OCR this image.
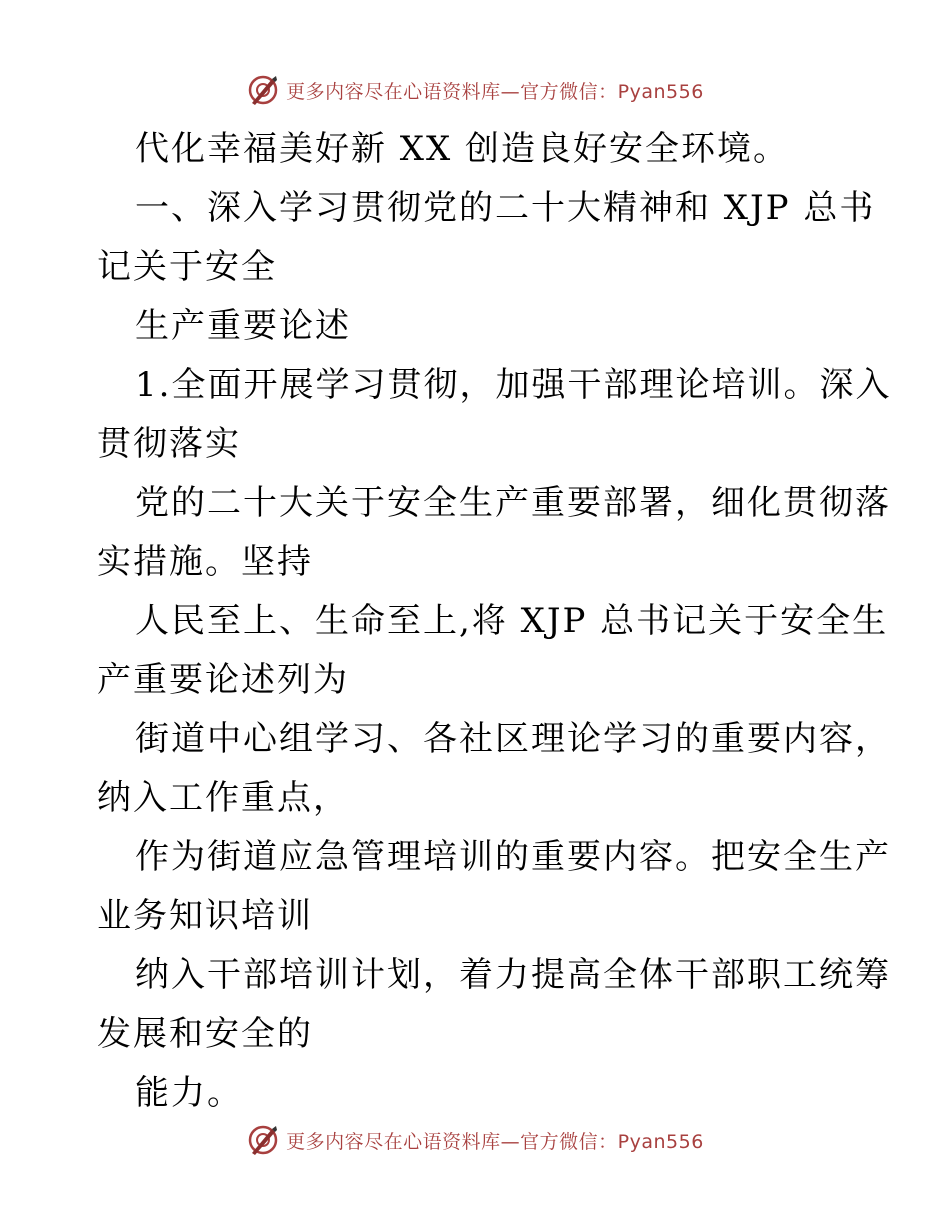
更多内容尽在心语资料库—官方微信：Pyan556
代化幸福美好新 XX 创造良好安全环境。
一、深入学习贯彻党的二十大精神和 XJP 总书
记关于安全
生产重要论述
1.全面开展学习贯彻，加强干部理论培训。深入
贯彻落实
党的二十大关于安全生产重要部署，细化贯彻落
实措施。坚持
人民至上、生命至上,将 XJP 总书记关于安全生
产重要论述列为
街道中心组学习、各社区理论学习的重要内容，
纳入工作重点，
作为街道应急管理培训的重要内容。把安全生产
业务知识培训
纳入干部培训计划，着力提高全体干部职工统筹
发展和安全的
能力。
更多内容尽在心语资料库—官方微信：Pyan556
